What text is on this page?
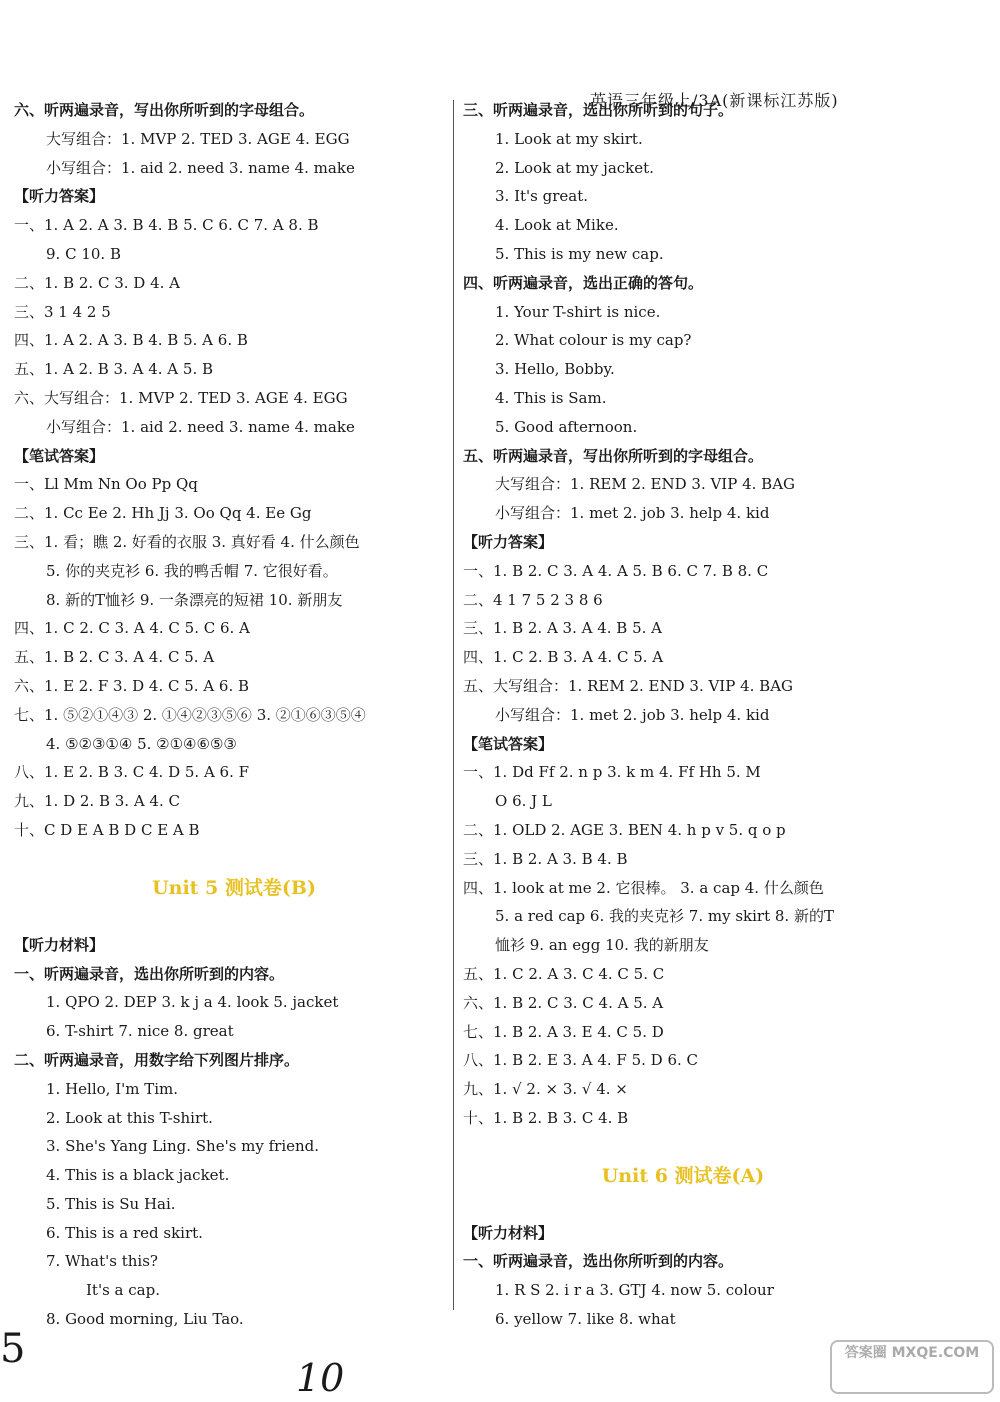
英语三年级上/3A(新课标江苏版)
六、听两遍录音，写出你所听到的字母组合。
大写组合：1. MVP 2. TED 3. AGE 4. EGG
小写组合：1. aid 2. need 3. name 4. make
【听力答案】
一、1. A 2. A 3. B 4. B 5. C 6. C 7. A 8. B
9. C 10. B
二、1. B 2. C 3. D 4. A
三、3 1 4 2 5
四、1. A 2. A 3. B 4. B 5. A 6. B
五、1. A 2. B 3. A 4. A 5. B
六、大写组合：1. MVP 2. TED 3. AGE 4. EGG
小写组合：1. aid 2. need 3. name 4. make
【笔试答案】
一、Ll Mm Nn Oo Pp Qq
二、1. Cc Ee 2. Hh Jj 3. Oo Qq 4. Ee Gg
三、1. 看；瞧 2. 好看的衣服 3. 真好看 4. 什么颜色
5. 你的夹克衫 6. 我的鸭舌帽 7. 它很好看。
8. 新的T恤衫 9. 一条漂亮的短裙 10. 新朋友
四、1. C 2. C 3. A 4. C 5. C 6. A
五、1. B 2. C 3. A 4. C 5. A
六、1. E 2. F 3. D 4. C 5. A 6. B
七、1. ⑤②①④③ 2. ①④②③⑤⑥ 3. ②①⑥③⑤④
4. ⑤②③①④ 5. ②①④⑥⑤③
八、1. E 2. B 3. C 4. D 5. A 6. F
九、1. D 2. B 3. A 4. C
十、C D E A B D C E A B
Unit 5 测试卷(B)
【听力材料】
一、听两遍录音，选出你所听到的内容。
1. QPO 2. DEP 3. k j a 4. look 5. jacket
6. T-shirt 7. nice 8. great
二、听两遍录音，用数字给下列图片排序。
1. Hello, I'm Tim.
2. Look at this T-shirt.
3. She's Yang Ling. She's my friend.
4. This is a black jacket.
5. This is Su Hai.
6. This is a red skirt.
7. What's this?
It's a cap.
8. Good morning, Liu Tao.
三、听两遍录音，选出你所听到的句子。
1. Look at my skirt.
2. Look at my jacket.
3. It's great.
4. Look at Mike.
5. This is my new cap.
四、听两遍录音，选出正确的答句。
1. Your T-shirt is nice.
2. What colour is my cap?
3. Hello, Bobby.
4. This is Sam.
5. Good afternoon.
五、听两遍录音，写出你所听到的字母组合。
大写组合：1. REM 2. END 3. VIP 4. BAG
小写组合：1. met 2. job 3. help 4. kid
【听力答案】
一、1. B 2. C 3. A 4. A 5. B 6. C 7. B 8. C
二、4 1 7 5 2 3 8 6
三、1. B 2. A 3. A 4. B 5. A
四、1. C 2. B 3. A 4. C 5. A
五、大写组合：1. REM 2. END 3. VIP 4. BAG
小写组合：1. met 2. job 3. help 4. kid
【笔试答案】
一、1. Dd Ff 2. n p 3. k m 4. Ff Hh 5. M
O 6. J L
二、1. OLD 2. AGE 3. BEN 4. h p v 5. q o p
三、1. B 2. A 3. B 4. B
四、1. look at me 2. 它很棒。 3. a cap 4. 什么颜色
5. a red cap 6. 我的夹克衫 7. my skirt 8. 新的T
恤衫 9. an egg 10. 我的新朋友
五、1. C 2. A 3. C 4. C 5. C
六、1. B 2. C 3. C 4. A 5. A
七、1. B 2. A 3. E 4. C 5. D
八、1. B 2. E 3. A 4. F 5. D 6. C
九、1. √ 2. × 3. √ 4. ×
十、1. B 2. B 3. C 4. B
Unit 6 测试卷(A)
【听力材料】
一、听两遍录音，选出你所听到的内容。
1. R S 2. i r a 3. GTJ 4. now 5. colour
6. yellow 7. like 8. what
5
10
答案圈 MXQE.COM
